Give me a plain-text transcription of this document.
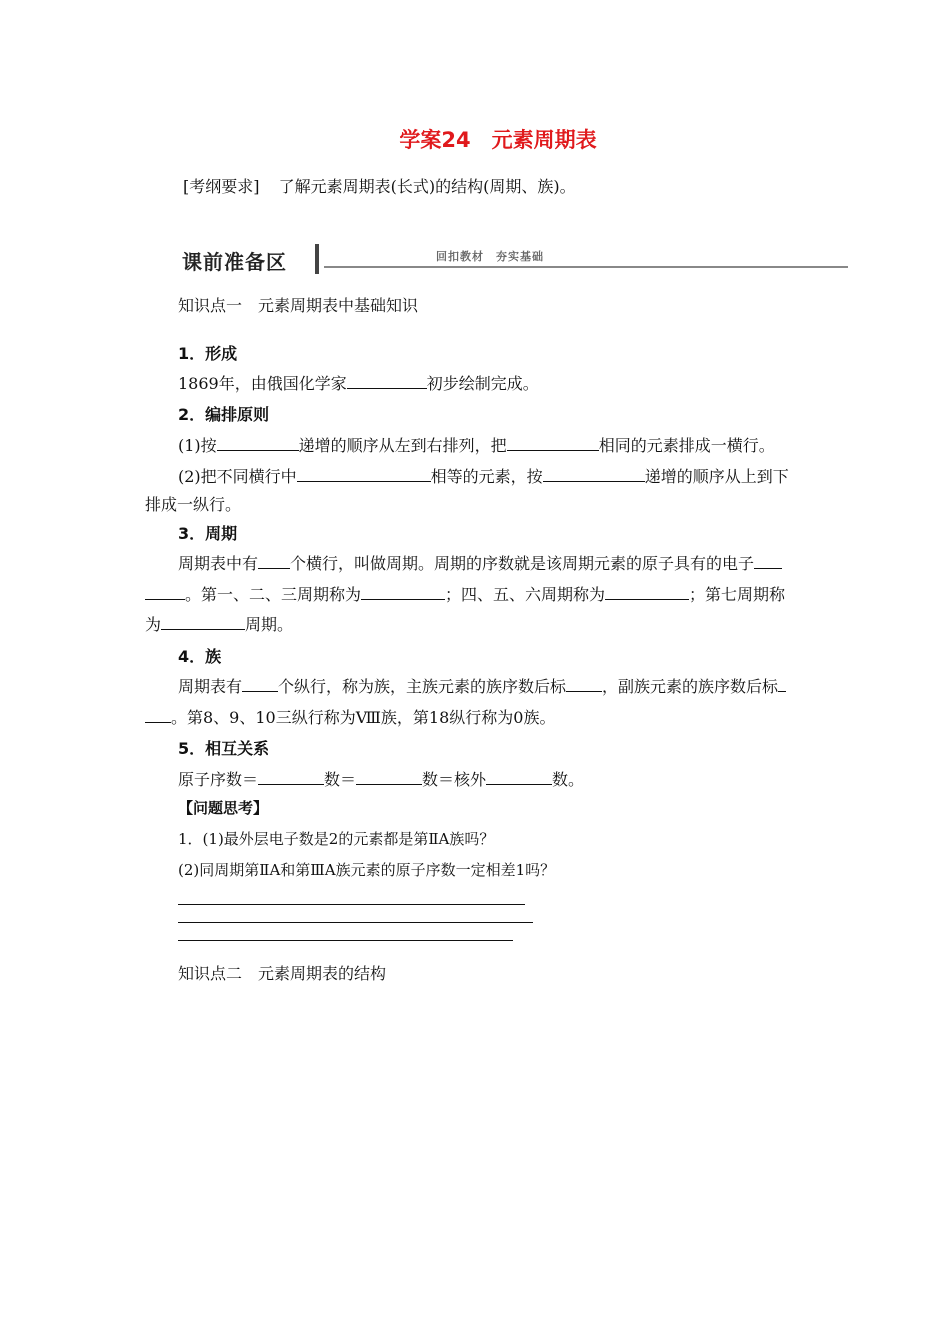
学案24　元素周期表
[考纲要求] 了解元素周期表(长式)的结构(周期、族)。
课前准备区	回扣教材　夯实基础
知识点一　元素周期表中基础知识
1．形成
1869年，由俄国化学家	初步绘制完成。
2．编排原则
(1)按	递增的顺序从左到右排列，把	相同的元素排成一横行。
(2)把不同横行中	相等的元素，按	递增的顺序从上到下
排成一纵行。
3．周期
周期表中有 个横行，叫做周期。周期的序数就是该周期元素的原子具有的电子
。第一、二、三周期称为	；四、五、六周期称为	；第七周期称
为	周期。
4．族
周期表有 个纵行，称为族，主族元素的族序数后标 ，副族元素的族序数后标
。第8、9、10三纵行称为Ⅷ族，第18纵行称为0族。
5．相互关系
原子序数＝	数＝	数＝核外	数。
【问题思考】
1．(1)最外层电子数是2的元素都是第ⅡA族吗？
(2)同周期第ⅡA和第ⅢA族元素的原子序数一定相差1吗？
知识点二　元素周期表的结构
